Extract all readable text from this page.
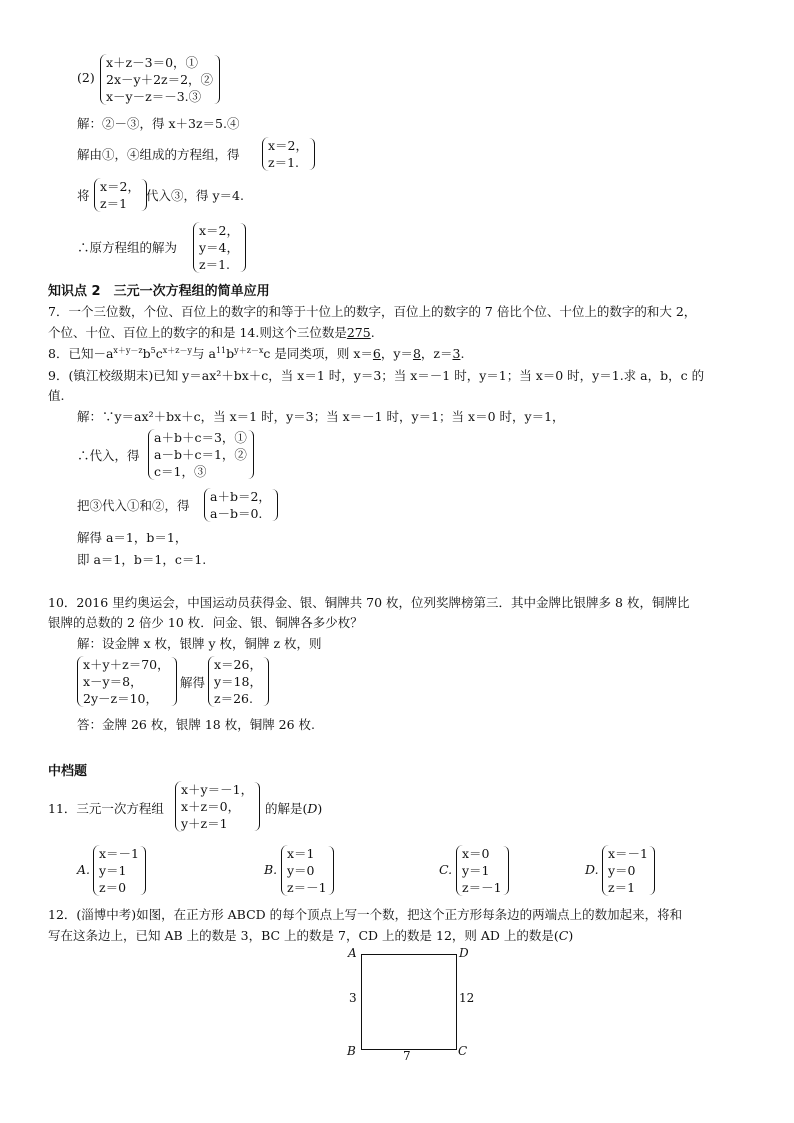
(2)
x＋z－3＝0，①
2x－y＋2z＝2，②
x－y－z＝－3.③
解：②－③，得 x＋3z＝5.④
解由①，④组成的方程组，得
x＝2，
z＝1.
将
x＝2，
z＝1
代入③，得 y＝4.
∴原方程组的解为
x＝2，
y＝4，
z＝1.
知识点 2　三元一次方程组的简单应用
7．一个三位数，个位、百位上的数字的和等于十位上的数字，百位上的数字的 7 倍比个位、十位上的数字的和大 2，
个位、十位、百位上的数字的和是 14.则这个三位数是275.
8．已知$-a^{x+y-z}b^5c^{x+z-y}$与 $a^{11}b^{y+z-x}c$ 是同类项，则 x＝6，y＝8，z＝3.
9．(镇江校级期末)已知 y＝ax²＋bx＋c，当 x＝1 时，y＝3；当 x＝－1 时，y＝1；当 x＝0 时，y＝1.求 a，b，c 的
值.
解：∵y＝ax²＋bx＋c，当 x＝1 时，y＝3；当 x＝－1 时，y＝1；当 x＝0 时，y＝1，
∴代入，得
a＋b＋c＝3，①
a－b＋c＝1，②
c＝1，③
把③代入①和②，得
a＋b＝2，
a－b＝0.
解得 a＝1，b＝1，
即 a＝1，b＝1，c＝1.
10．2016 里约奥运会，中国运动员获得金、银、铜牌共 70 枚，位列奖牌榜第三．其中金牌比银牌多 8 枚，铜牌比
银牌的总数的 2 倍少 10 枚．问金、银、铜牌各多少枚？
解：设金牌 x 枚，银牌 y 枚，铜牌 z 枚，则
x＋y＋z＝70，
x－y＝8，
2y－z＝10，
解得
x＝26，
y＝18，
z＝26.
答：金牌 26 枚，银牌 18 枚，铜牌 26 枚.
中档题
11．三元一次方程组
x＋y＝－1，
x＋z＝0，
y＋z＝1
的解是(D)
A.
x＝－1
y＝1
z＝0
B.
x＝1
y＝0
z＝－1
C.
x＝0
y＝1
z＝－1
D.
x＝－1
y＝0
z＝1
12．(淄博中考)如图，在正方形 ABCD 的每个顶点上写一个数，把这个正方形每条边的两端点上的数加起来，将和
写在这条边上，已知 AB 上的数是 3，BC 上的数是 7，CD 上的数是 12，则 AD 上的数是(C)
A	D
B	C
3	12
7
